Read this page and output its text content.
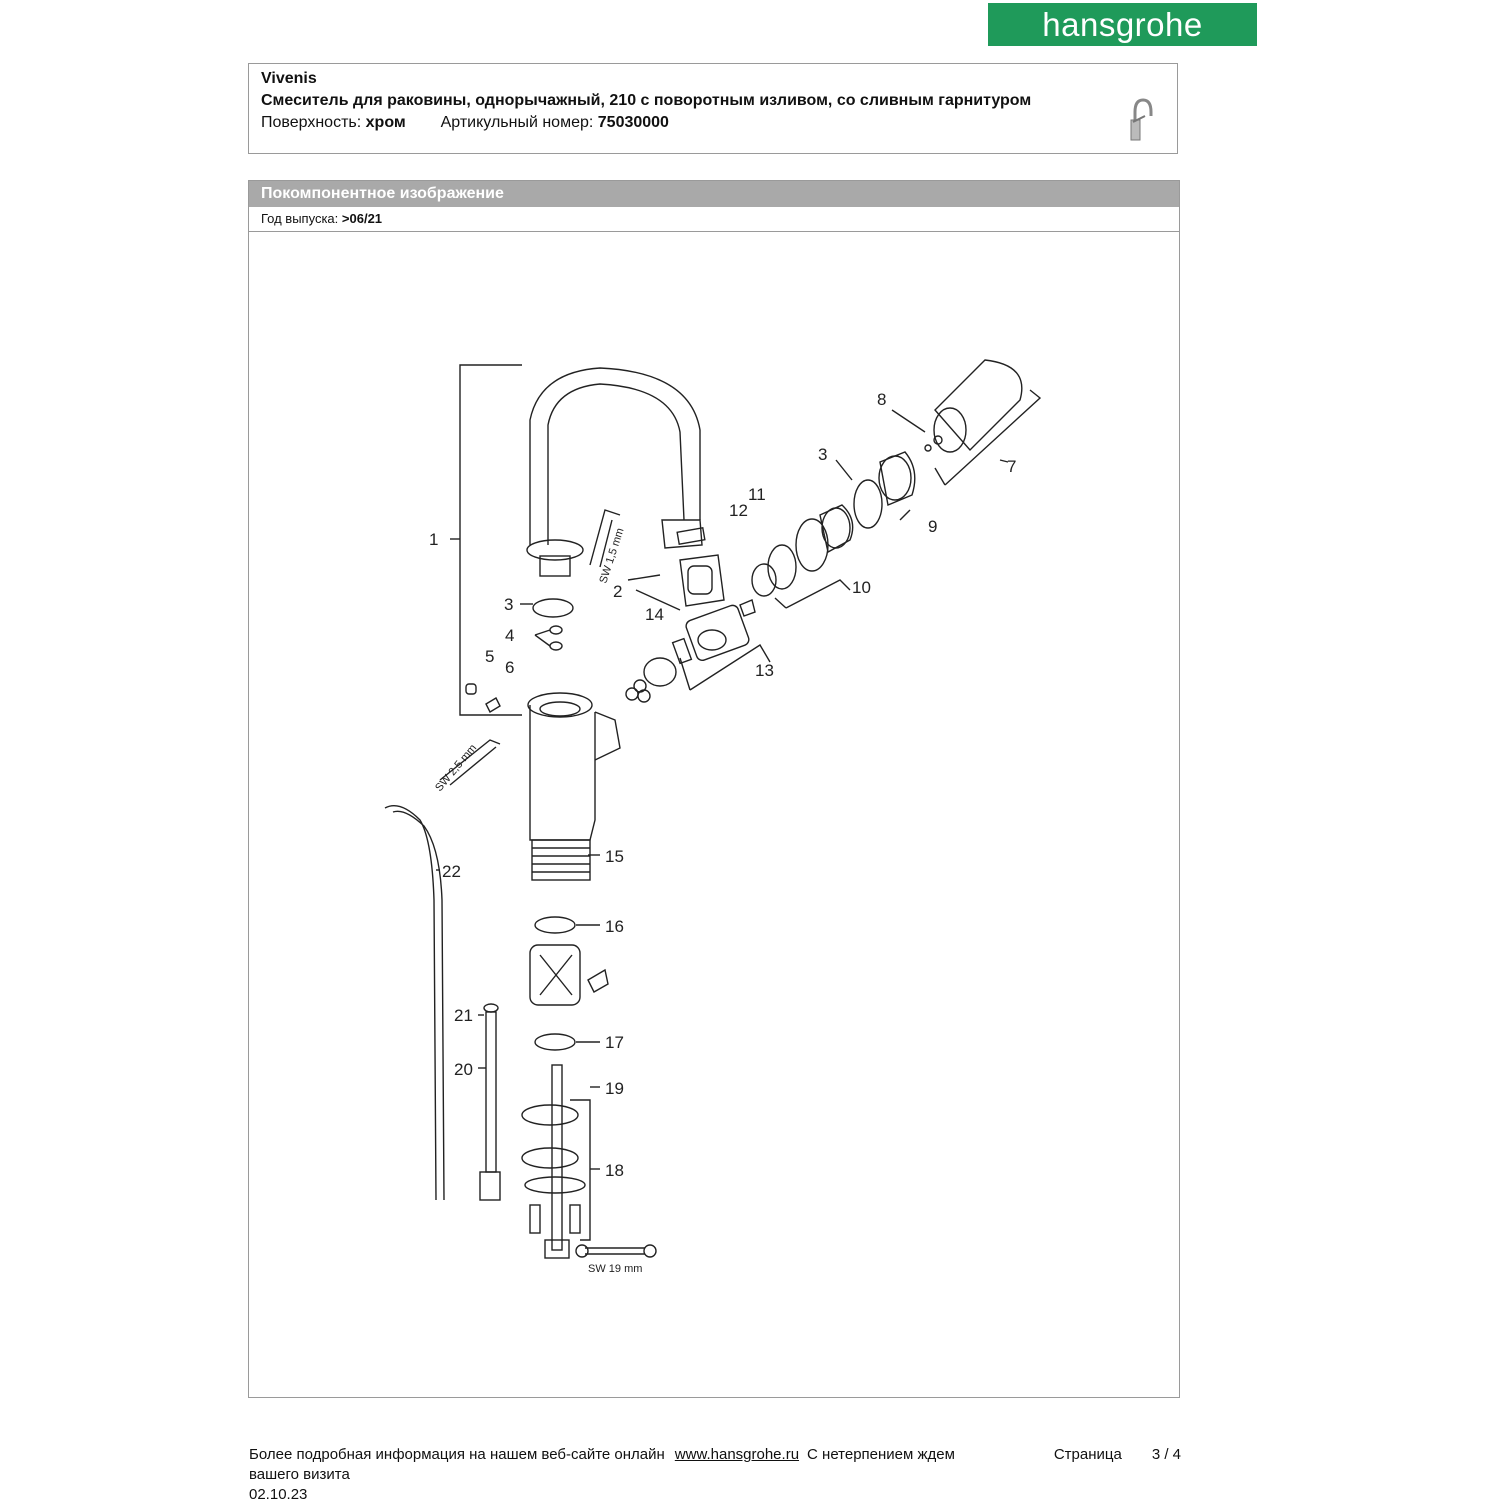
hansgrohe
Vivenis
Смеситель для раковины, однорычажный, 210 с поворотным изливом, со сливным гарнитуром
Поверхность: хром Артикульный номер: 75030000
Покомпонентное изображение
Год выпуска: >06/21
1
2
3
3
4
5
6
7
8
9
10
11
12
13
14
15
16
17
18
19
20
21
22
SW 1,5 mm
SW 2,5 mm
SW 19 mm
Более подробная информация на нашем веб-сайте онлайн www.hansgrohe.ru С нетерпением ждем	Страница 3 / 4
вашего визита
02.10.23
